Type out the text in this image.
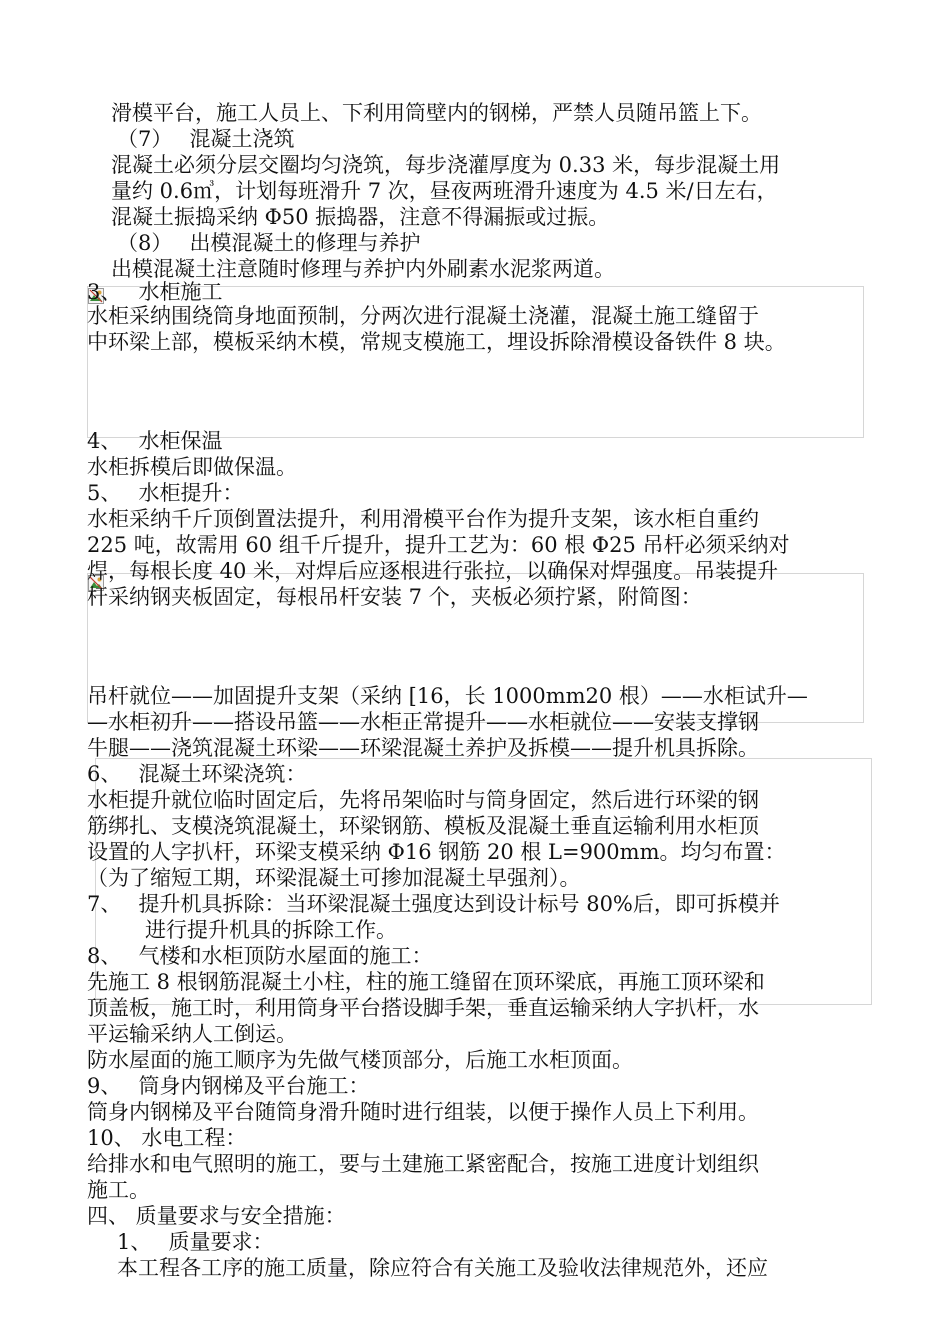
滑模平台，施工人员上、下利用筒壁内的钢梯，严禁人员随吊篮上下。
（7）　 混凝土浇筑
混凝土必须分层交圈均匀浇筑，每步浇灌厚度为 0.33 米，每步混凝土用
量约 0.6㎥，计划每班滑升 7 次，昼夜两班滑升速度为 4.5 米/日左右，
混凝土振捣采纳 Φ50 振捣器，注意不得漏振或过振。
（8）　 出模混凝土的修理与养护
出模混凝土注意随时修理与养护内外刷素水泥浆两道。
3、　 水柜施工
水柜采纳围绕筒身地面预制，分两次进行混凝土浇灌，混凝土施工缝留于
中环梁上部，模板采纳木模，常规支模施工，埋设拆除滑模设备铁件 8 块。
4、　 水柜保温
水柜拆模后即做保温。
5、　 水柜提升：
水柜采纳千斤顶倒置法提升，利用滑模平台作为提升支架，该水柜自重约
225 吨，故需用 60 组千斤提升，提升工艺为：60 根 Φ25 吊杆必须采纳对
焊，每根长度 40 米，对焊后应逐根进行张拉，以确保对焊强度。吊装提升
杆采纳钢夹板固定，每根吊杆安装 7 个，夹板必须拧紧，附简图：
吊杆就位——加固提升支架（采纳 [16，长 1000mm20 根）——水柜试升—
—水柜初升——搭设吊篮——水柜正常提升——水柜就位——安装支撑钢
牛腿——浇筑混凝土环梁——环梁混凝土养护及拆模——提升机具拆除。
6、　 混凝土环梁浇筑：
水柜提升就位临时固定后，先将吊架临时与筒身固定，然后进行环梁的钢
筋绑扎、支模浇筑混凝土，环梁钢筋、模板及混凝土垂直运输利用水柜顶
设置的人字扒杆，环梁支模采纳 Φ16 钢筋 20 根 L=900mm。均匀布置：
（为了缩短工期，环梁混凝土可掺加混凝土早强剂）。
7、　 提升机具拆除：当环梁混凝土强度达到设计标号 80%后，即可拆模并
进行提升机具的拆除工作。
8、　 气楼和水柜顶防水屋面的施工：
先施工 8 根钢筋混凝土小柱，柱的施工缝留在顶环梁底，再施工顶环梁和
顶盖板，施工时，利用筒身平台搭设脚手架，垂直运输采纳人字扒杆，水
平运输采纳人工倒运。
防水屋面的施工顺序为先做气楼顶部分，后施工水柜顶面。
9、　 筒身内钢梯及平台施工：
筒身内钢梯及平台随筒身滑升随时进行组装，以便于操作人员上下利用。
10、 水电工程：
给排水和电气照明的施工，要与土建施工紧密配合，按施工进度计划组织
施工。
四、 质量要求与安全措施：
1、　 质量要求：
本工程各工序的施工质量，除应符合有关施工及验收法律规范外，还应
